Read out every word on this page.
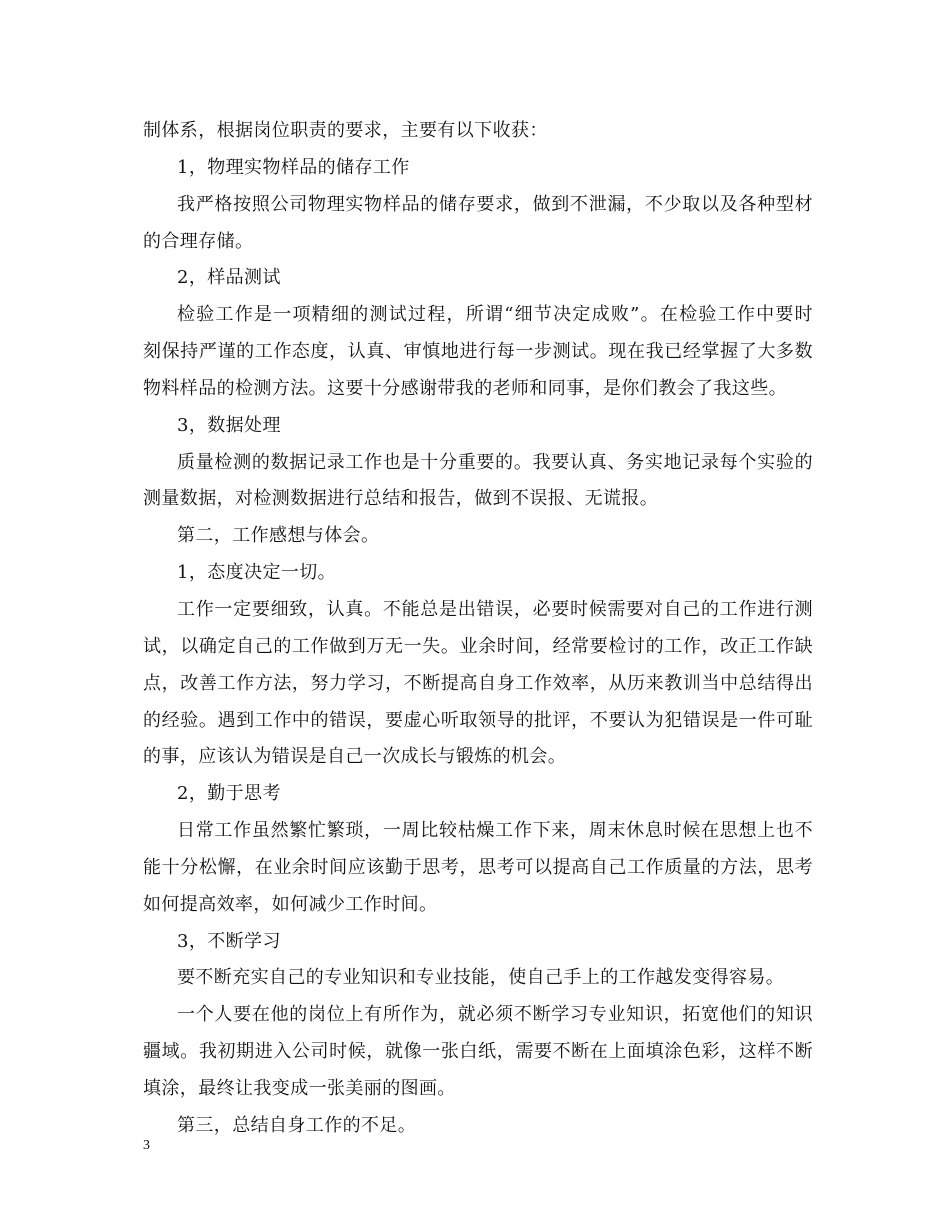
制体系，根据岗位职责的要求，主要有以下收获：
1，物理实物样品的储存工作
我严格按照公司物理实物样品的储存要求，做到不泄漏，不少取以及各种型材
的合理存储。
2，样品测试
检验工作是一项精细的测试过程，所谓“细节决定成败”。在检验工作中要时
刻保持严谨的工作态度，认真、审慎地进行每一步测试。现在我已经掌握了大多数
物料样品的检测方法。这要十分感谢带我的老师和同事，是你们教会了我这些。
3，数据处理
质量检测的数据记录工作也是十分重要的。我要认真、务实地记录每个实验的
测量数据，对检测数据进行总结和报告，做到不误报、无谎报。
第二，工作感想与体会。
1，态度决定一切。
工作一定要细致，认真。不能总是出错误，必要时候需要对自己的工作进行测
试，以确定自己的工作做到万无一失。业余时间，经常要检讨的工作，改正工作缺
点，改善工作方法，努力学习，不断提高自身工作效率，从历来教训当中总结得出
的经验。遇到工作中的错误，要虚心听取领导的批评，不要认为犯错误是一件可耻
的事，应该认为错误是自己一次成长与锻炼的机会。
2，勤于思考
日常工作虽然繁忙繁琐，一周比较枯燥工作下来，周末休息时候在思想上也不
能十分松懈，在业余时间应该勤于思考，思考可以提高自己工作质量的方法，思考
如何提高效率，如何减少工作时间。
3，不断学习
要不断充实自己的专业知识和专业技能，使自己手上的工作越发变得容易。
一个人要在他的岗位上有所作为，就必须不断学习专业知识，拓宽他们的知识
疆域。我初期进入公司时候，就像一张白纸，需要不断在上面填涂色彩，这样不断
填涂，最终让我变成一张美丽的图画。
第三，总结自身工作的不足。
3
